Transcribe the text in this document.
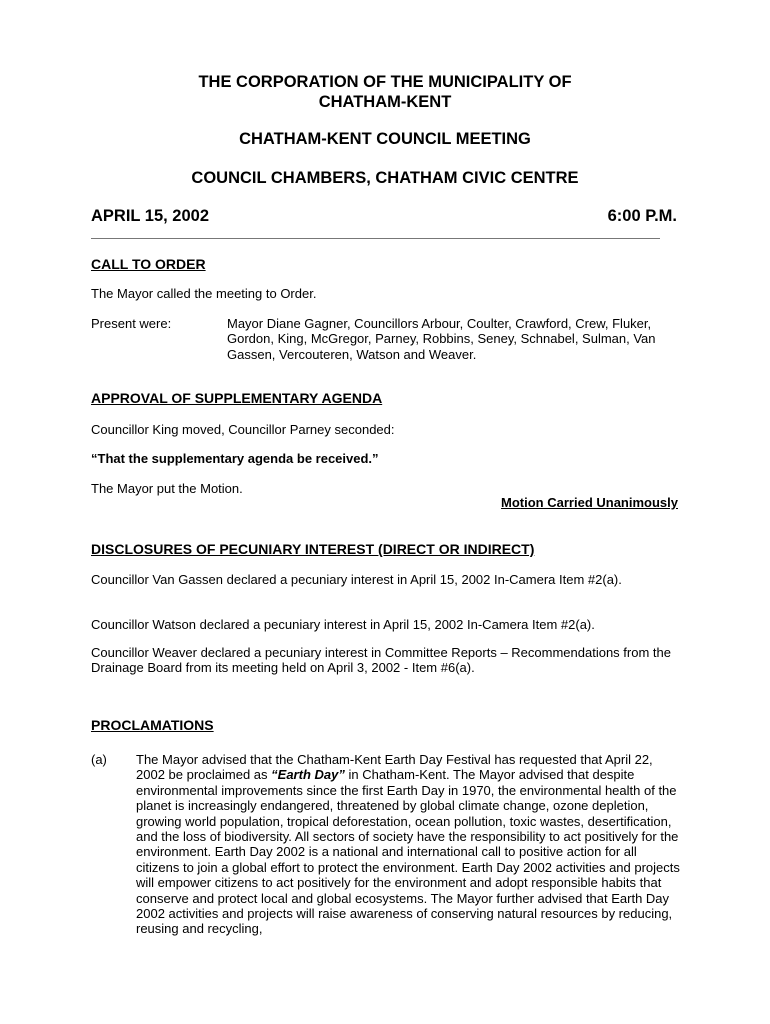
THE CORPORATION OF THE MUNICIPALITY OF
CHATHAM-KENT
CHATHAM-KENT COUNCIL MEETING
COUNCIL CHAMBERS, CHATHAM CIVIC CENTRE
APRIL 15, 2002	6:00 P.M.
CALL TO ORDER
The Mayor called the meeting to Order.
Present were:	Mayor Diane Gagner, Councillors Arbour, Coulter, Crawford, Crew, Fluker, Gordon, King, McGregor, Parney, Robbins, Seney, Schnabel, Sulman, Van Gassen, Vercouteren, Watson and Weaver.
APPROVAL OF SUPPLEMENTARY AGENDA
Councillor King moved, Councillor Parney seconded:
“That the supplementary agenda be received.”
The Mayor put the Motion.
Motion Carried Unanimously
DISCLOSURES OF PECUNIARY INTEREST (DIRECT OR INDIRECT)
Councillor Van Gassen declared a pecuniary interest in April 15, 2002 In-Camera Item #2(a).
Councillor Watson declared a pecuniary interest in April 15, 2002 In-Camera Item #2(a).
Councillor Weaver declared a pecuniary interest in Committee Reports – Recommendations from the Drainage Board from its meeting held on April 3, 2002 - Item #6(a).
PROCLAMATIONS
(a) The Mayor advised that the Chatham-Kent Earth Day Festival has requested that April 22, 2002 be proclaimed as “Earth Day” in Chatham-Kent. The Mayor advised that despite environmental improvements since the first Earth Day in 1970, the environmental health of the planet is increasingly endangered, threatened by global climate change, ozone depletion, growing world population, tropical deforestation, ocean pollution, toxic wastes, desertification, and the loss of biodiversity. All sectors of society have the responsibility to act positively for the environment. Earth Day 2002 is a national and international call to positive action for all citizens to join a global effort to protect the environment. Earth Day 2002 activities and projects will empower citizens to act positively for the environment and adopt responsible habits that conserve and protect local and global ecosystems. The Mayor further advised that Earth Day 2002 activities and projects will raise awareness of conserving natural resources by reducing, reusing and recycling,
